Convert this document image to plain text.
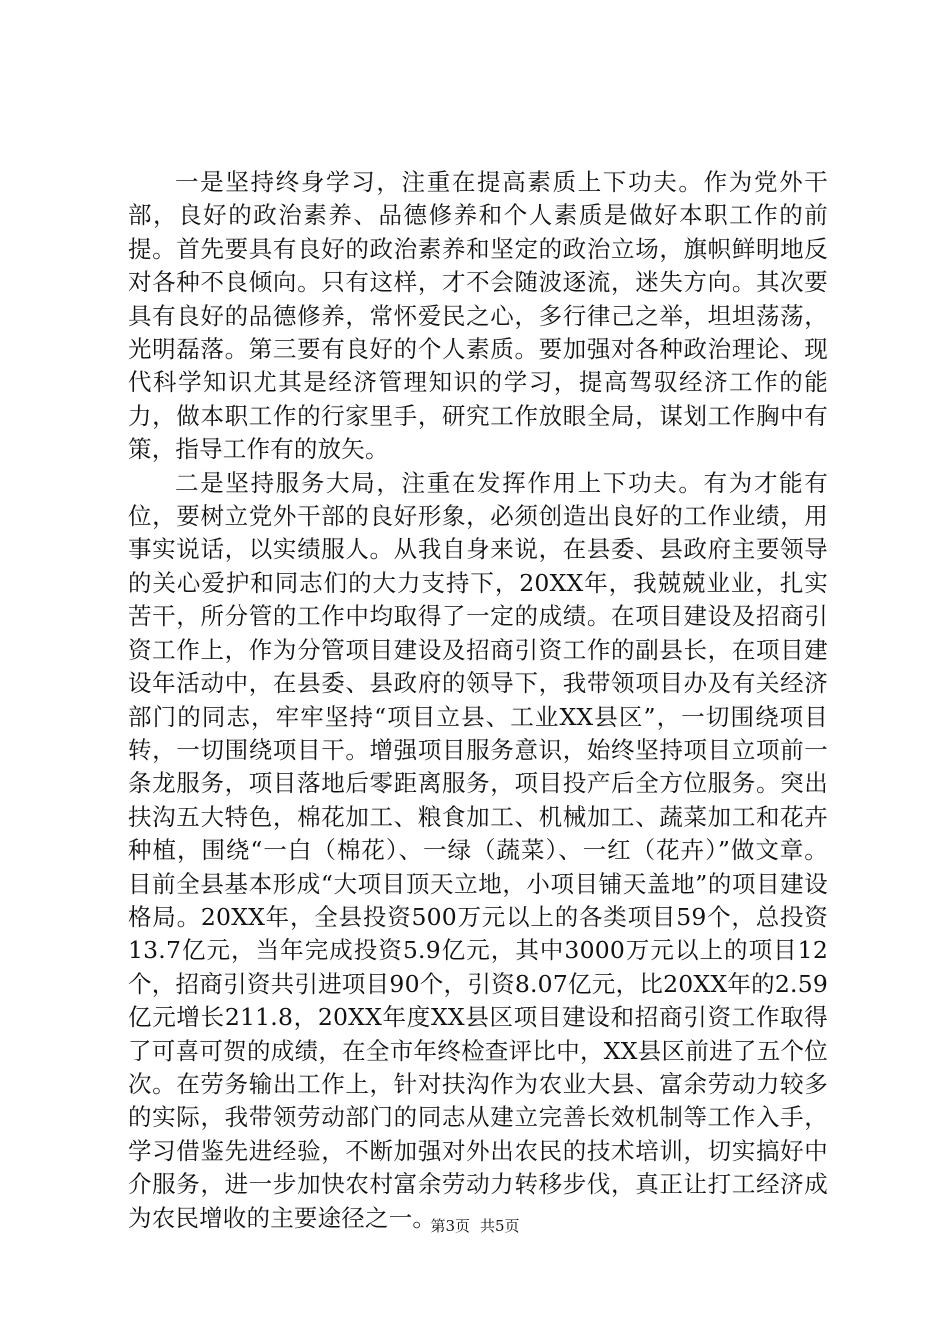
一是坚持终身学习，注重在提高素质上下功夫。作为党外干部，良好的政治素养、品德修养和个人素质是做好本职工作的前提。首先要具有良好的政治素养和坚定的政治立场，旗帜鲜明地反对各种不良倾向。只有这样，才不会随波逐流，迷失方向。其次要具有良好的品德修养，常怀爱民之心，多行律己之举，坦坦荡荡，光明磊落。第三要有良好的个人素质。要加强对各种政治理论、现代科学知识尤其是经济管理知识的学习，提高驾驭经济工作的能力，做本职工作的行家里手，研究工作放眼全局，谋划工作胸中有策，指导工作有的放矢。

二是坚持服务大局，注重在发挥作用上下功夫。有为才能有位，要树立党外干部的良好形象，必须创造出良好的工作业绩，用事实说话，以实绩服人。从我自身来说，在县委、县政府主要领导的关心爱护和同志们的大力支持下，20XX年，我兢兢业业，扎实苦干，所分管的工作中均取得了一定的成绩。在项目建设及招商引资工作上，作为分管项目建设及招商引资工作的副县长，在项目建设年活动中，在县委、县政府的领导下，我带领项目办及有关经济部门的同志，牢牢坚持“项目立县、工业XX县区”，一切围绕项目转，一切围绕项目干。增强项目服务意识，始终坚持项目立项前一条龙服务，项目落地后零距离服务，项目投产后全方位服务。突出扶沟五大特色，棉花加工、粮食加工、机械加工、蔬菜加工和花卉种植，围绕“一白（棉花）、一绿（蔬菜）、一红（花卉）”做文章。目前全县基本形成“大项目顶天立地，小项目铺天盖地”的项目建设格局。20XX年，全县投资500万元以上的各类项目59个，总投资13.7亿元，当年完成投资5.9亿元，其中3000万元以上的项目12个，招商引资共引进项目90个，引资8.07亿元，比20XX年的2.59亿元增长211.8，20XX年度XX县区项目建设和招商引资工作取得了可喜可贺的成绩，在全市年终检查评比中，XX县区前进了五个位次。在劳务输出工作上，针对扶沟作为农业大县、富余劳动力较多的实际，我带领劳动部门的同志从建立完善长效机制等工作入手，学习借鉴先进经验，不断加强对外出农民的技术培训，切实搞好中介服务，进一步加快农村富余劳动力转移步伐，真正让打工经济成为农民增收的主要途径之一。

第3页 共5页
